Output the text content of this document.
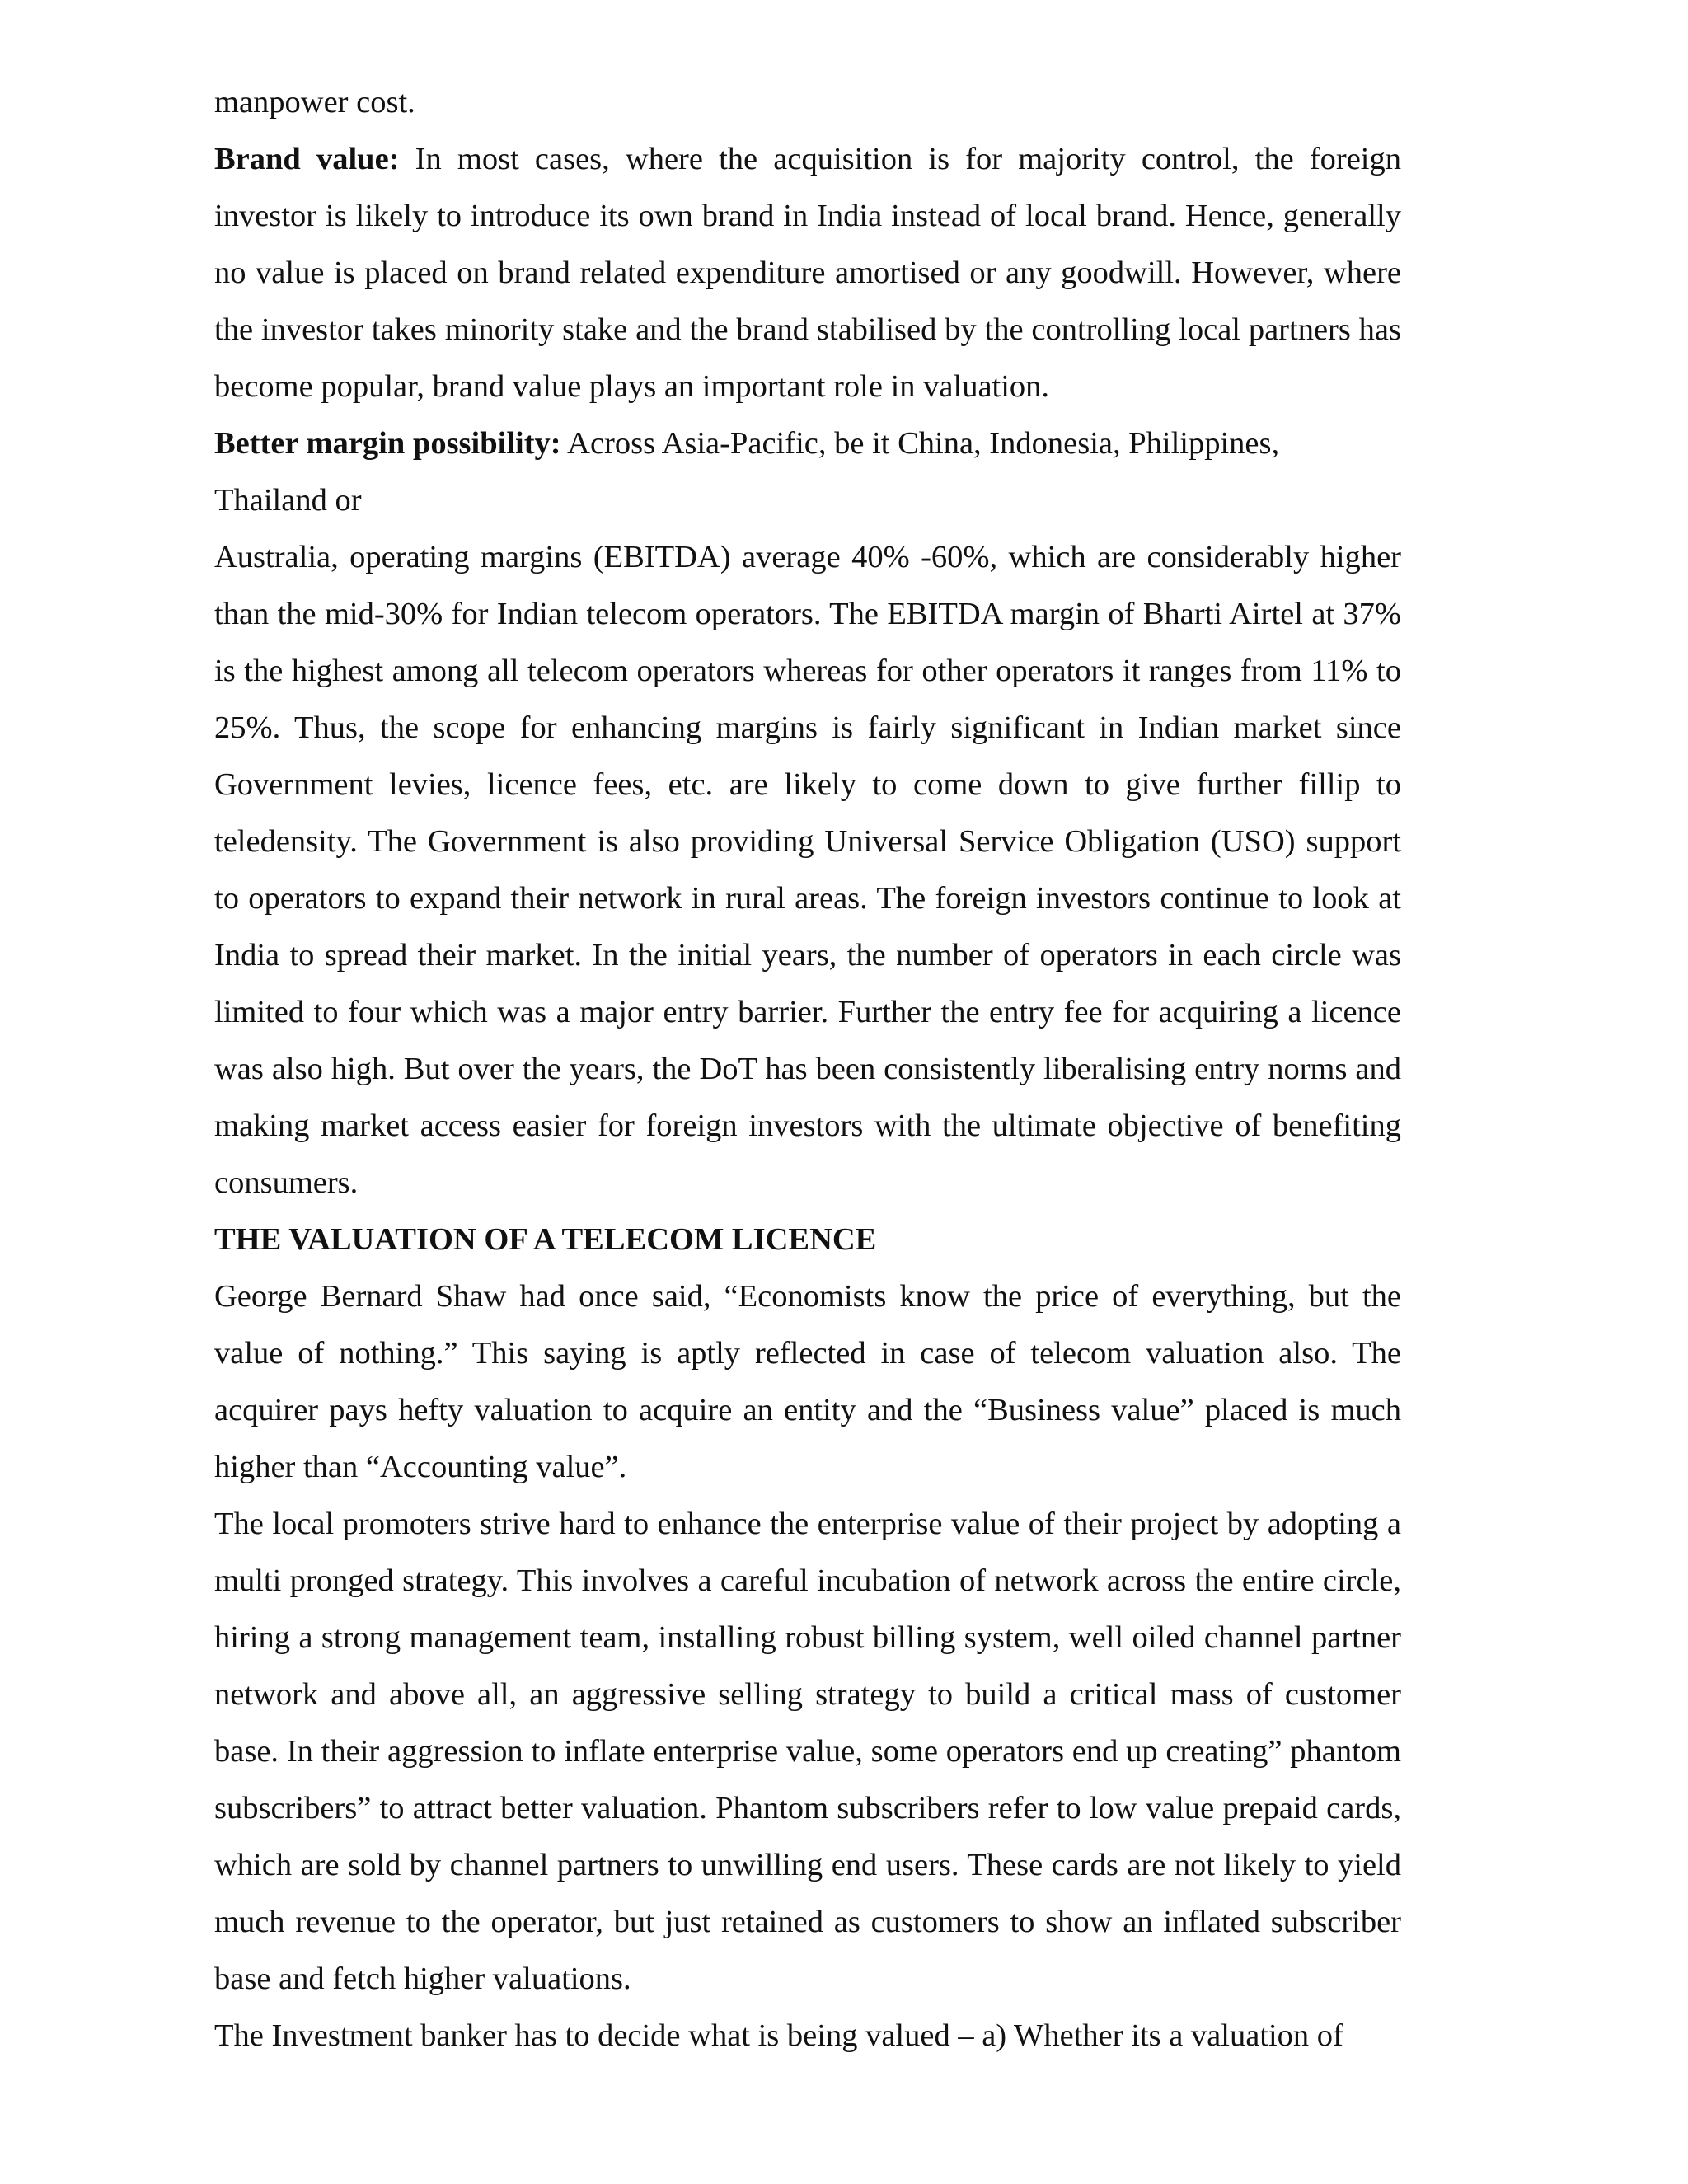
manpower cost.

Brand value: In most cases, where the acquisition is for majority control, the foreign investor is likely to introduce its own brand in India instead of local brand. Hence, generally no value is placed on brand related expenditure amortised or any goodwill. However, where the investor takes minority stake and the brand stabilised by the controlling local partners has become popular, brand value plays an important role in valuation.

Better margin possibility: Across Asia-Pacific, be it China, Indonesia, Philippines,

Thailand or

Australia, operating margins (EBITDA) average 40% -60%, which are considerably higher than the mid-30% for Indian telecom operators. The EBITDA margin of Bharti Airtel at 37% is the highest among all telecom operators whereas for other operators it ranges from 11% to 25%. Thus, the scope for enhancing margins is fairly significant in Indian market since Government levies, licence fees, etc. are likely to come down to give further fillip to teledensity. The Government is also providing Universal Service Obligation (USO) support to operators to expand their network in rural areas. The foreign investors continue to look at India to spread their market. In the initial years, the number of operators in each circle was limited to four which was a major entry barrier. Further the entry fee for acquiring a licence was also high. But over the years, the DoT has been consistently liberalising entry norms and making market access easier for foreign investors with the ultimate objective of benefiting consumers.

THE VALUATION OF A TELECOM LICENCE

George Bernard Shaw had once said, “Economists know the price of everything, but the value of nothing.” This saying is aptly reflected in case of telecom valuation also. The acquirer pays hefty valuation to acquire an entity and the “Business value” placed is much higher than “Accounting value”.

The local promoters strive hard to enhance the enterprise value of their project by adopting a multi pronged strategy. This involves a careful incubation of network across the entire circle, hiring a strong management team, installing robust billing system, well oiled channel partner network and above all, an aggressive selling strategy to build a critical mass of customer base. In their aggression to inflate enterprise value, some operators end up creating” phantom subscribers” to attract better valuation. Phantom subscribers refer to low value prepaid cards, which are sold by channel partners to unwilling end users. These cards are not likely to yield much revenue to the operator, but just retained as customers to show an inflated subscriber base and fetch higher valuations.

The Investment banker has to decide what is being valued – a) Whether its a valuation of
